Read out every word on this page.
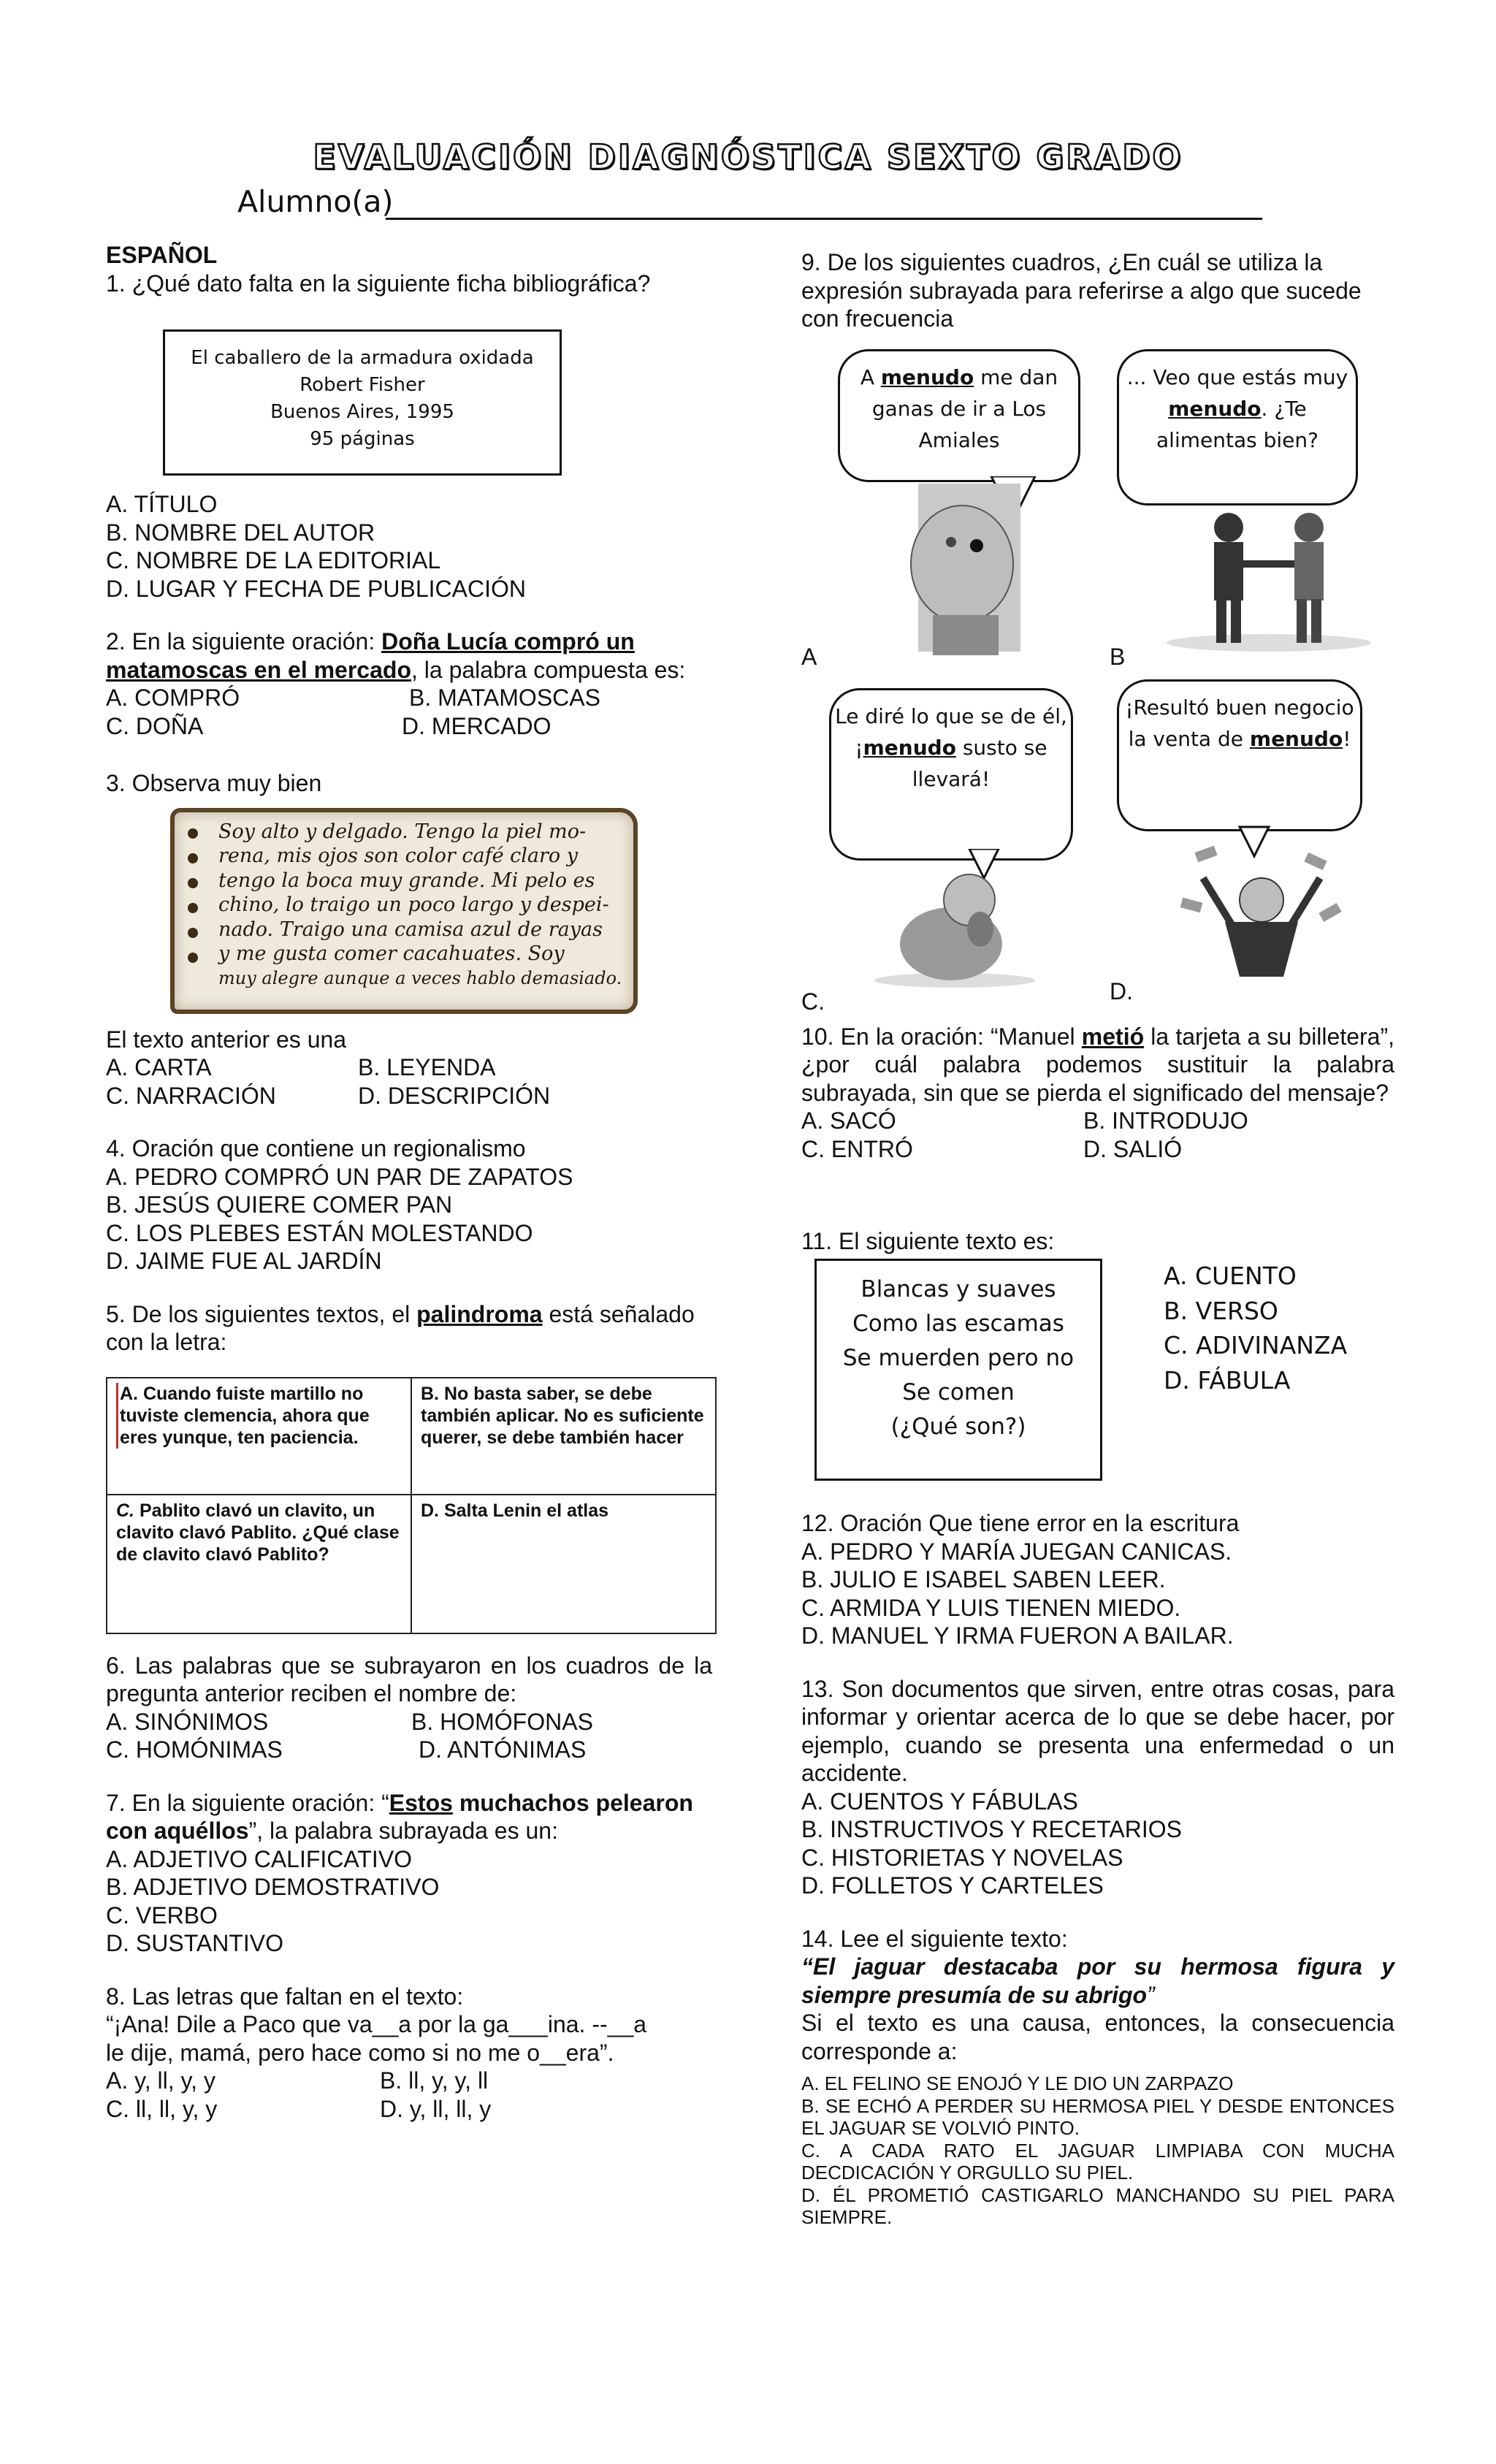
EVALUACIÓN DIAGNÓSTICA SEXTO GRADO
Alumno(a)

ESPAÑOL

1. ¿Qué dato falta en la siguiente ficha bibliográfica?

El caballero de la armadura oxidada
Robert Fisher
Buenos Aires, 1995
95 páginas

A. TÍTULO

B. NOMBRE DEL AUTOR

C. NOMBRE DE LA EDITORIAL

D. LUGAR Y FECHA DE PUBLICACIÓN

2. En la siguiente oración: Doña Lucía compró un matamoscas en el mercado, la palabra compuesta es:

A. COMPRÓ	B. MATAMOSCAS
C. DOÑA	D. MERCADO

3. Observa muy bien

Soy alto y delgado. Tengo la piel mo-
rena, mis ojos son color café claro y
tengo la boca muy grande. Mi pelo es
chino, lo traigo un poco largo y despei-
nado. Traigo una camisa azul de rayas
y me gusta comer cacahuates. Soy
muy alegre aunque a veces hablo demasiado.

El texto anterior es una

A. CARTA	B. LEYENDA
C. NARRACIÓN	D. DESCRIPCIÓN

4. Oración que contiene un regionalismo

A. PEDRO COMPRÓ UN PAR DE ZAPATOS

B. JESÚS QUIERE COMER PAN

C. LOS PLEBES ESTÁN MOLESTANDO

D. JAIME FUE AL JARDÍN

5. De los siguientes textos, el palindroma está señalado con la letra:

A. Cuando fuiste martillo no tuviste clemencia, ahora que eres yunque, ten paciencia.	B. No basta saber, se debe también aplicar. No es suficiente querer, se debe también hacer
C. Pablito clavó un clavito, un clavito clavó Pablito. ¿Qué clase de clavito clavó Pablito?	D. Salta Lenin el atlas

6. Las palabras que se subrayaron en los cuadros de la pregunta anterior reciben el nombre de:

A. SINÓNIMOS	B. HOMÓFONAS
C. HOMÓNIMAS	D. ANTÓNIMAS

7. En la siguiente oración: “Estos muchachos pelearon con aquéllos”, la palabra subrayada es un:

A. ADJETIVO CALIFICATIVO

B. ADJETIVO DEMOSTRATIVO

C. VERBO

D. SUSTANTIVO

8. Las letras que faltan en el texto:

“¡Ana! Dile a Paco que va__a por la ga___ina. --__a

le dije, mamá, pero hace como si no me o__era”.

A. y, ll, y, y	B. ll, y, y, ll
C. ll, ll, y, y	D. y, ll, ll, y

9. De los siguientes cuadros, ¿En cuál se utiliza la expresión subrayada para referirse a algo que sucede con frecuencia

A menudo me dan ganas de ir a Los Amiales
A
... Veo que estás muy menudo. ¿Te alimentas bien?
B
Le diré lo que se de él, ¡menudo susto se llevará!
C.
¡Resultó buen negocio la venta de menudo!
D.

10. En la oración: “Manuel metió la tarjeta a su billetera”, ¿por cuál palabra podemos sustituir la palabra subrayada, sin que se pierda el significado del mensaje?

A. SACÓ	B. INTRODUJO
C. ENTRÓ	D. SALIÓ
11. El siguiente texto es:
Blancas y suaves
Como las escamas
Se muerden pero no
Se comen
(¿Qué son?)
A. CUENTO
B. VERSO
C. ADIVINANZA
D. FÁBULA

12. Oración Que tiene error en la escritura

A. PEDRO Y MARÍA JUEGAN CANICAS.

B. JULIO E ISABEL SABEN LEER.

C. ARMIDA Y LUIS TIENEN MIEDO.

D. MANUEL Y IRMA FUERON A BAILAR.

13. Son documentos que sirven, entre otras cosas, para informar y orientar acerca de lo que se debe hacer, por ejemplo, cuando se presenta una enfermedad o un accidente.

A. CUENTOS Y FÁBULAS

B. INSTRUCTIVOS Y RECETARIOS

C. HISTORIETAS Y NOVELAS

D. FOLLETOS Y CARTELES

14. Lee el siguiente texto:

“El jaguar destacaba por su hermosa figura y siempre presumía de su abrigo”

Si el texto es una causa, entonces, la consecuencia corresponde a:

A. EL FELINO SE ENOJÓ Y LE DIO UN ZARPAZO

B. SE ECHÓ A PERDER SU HERMOSA PIEL Y DESDE ENTONCES EL JAGUAR SE VOLVIÓ PINTO.

C. A CADA RATO EL JAGUAR LIMPIABA CON MUCHA DECDICACIÓN Y ORGULLO SU PIEL.

D. ÉL PROMETIÓ CASTIGARLO MANCHANDO SU PIEL PARA SIEMPRE.
